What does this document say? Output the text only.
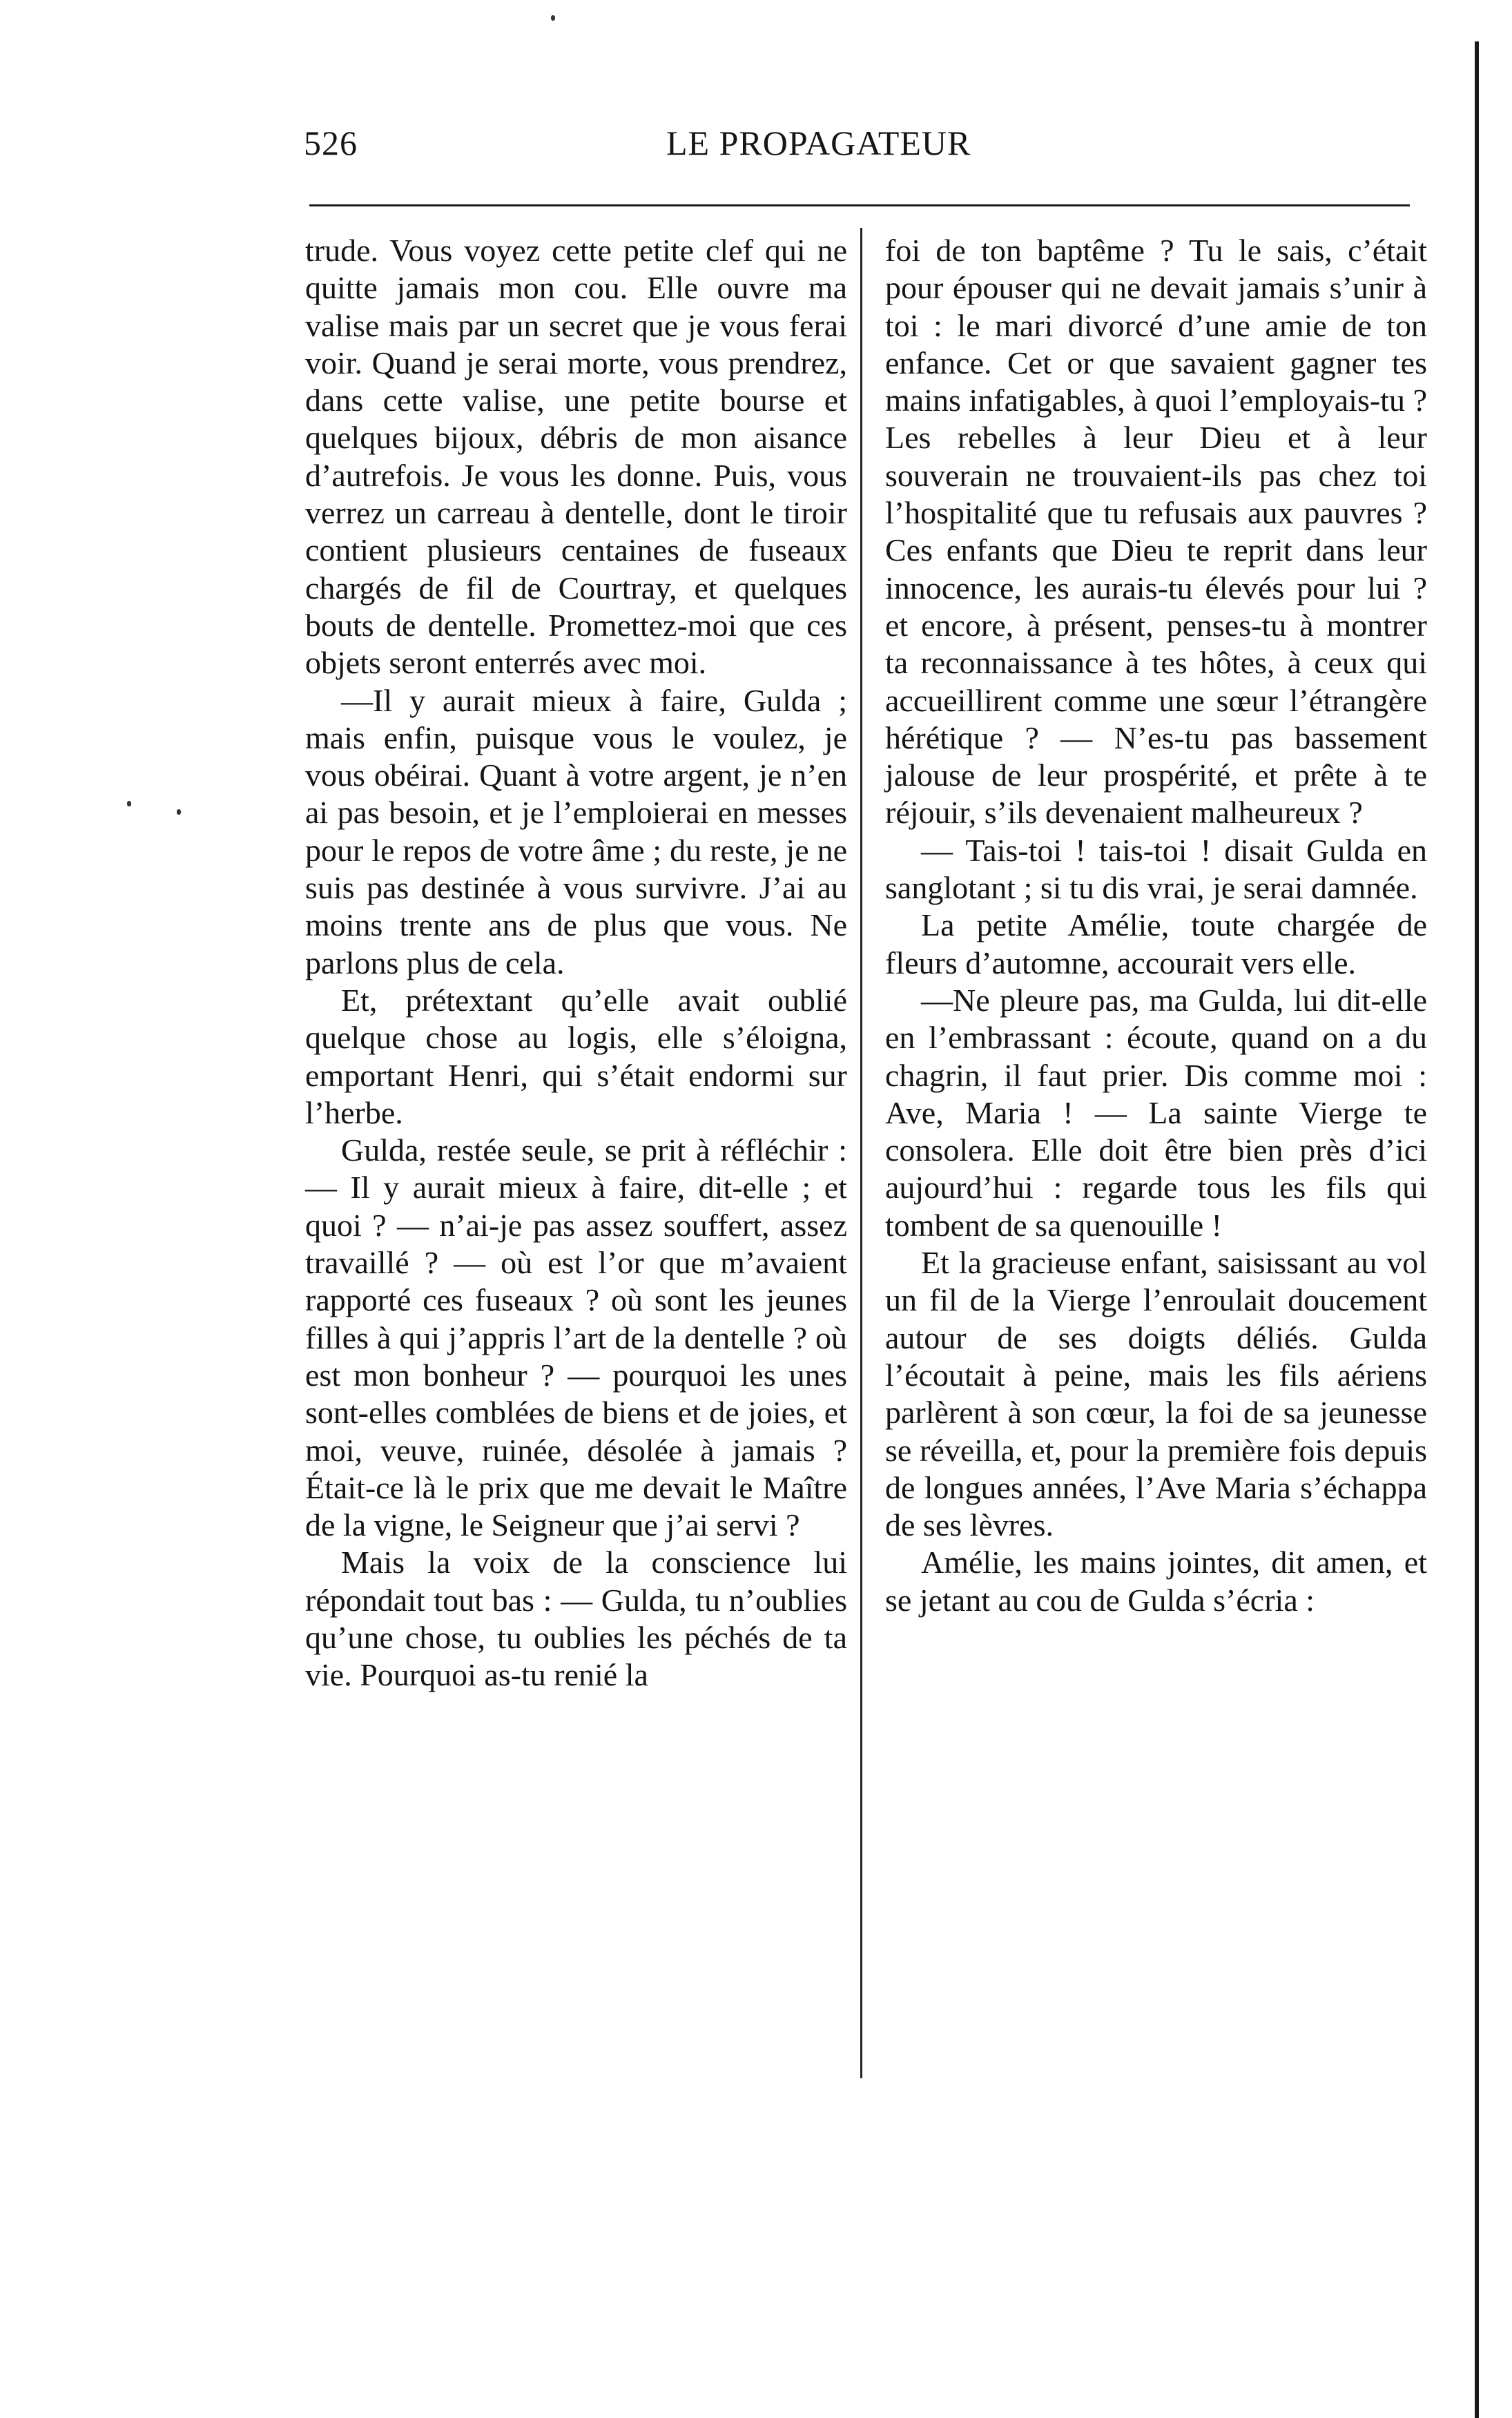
526	LE PROPAGATEUR

trude. Vous voyez cette petite clef qui ne quitte jamais mon cou. Elle ouvre ma valise mais par un secret que je vous ferai voir. Quand je serai morte, vous prendrez, dans cette valise, une petite bourse et quelques bijoux, débris de mon aisance d’autrefois. Je vous les donne. Puis, vous verrez un carreau à dentelle, dont le tiroir contient plusieurs centaines de fuseaux chargés de fil de Courtray, et quelques bouts de dentelle. Promettez-moi que ces objets seront enterrés avec moi.

—Il y aurait mieux à faire, Gulda ; mais enfin, puisque vous le voulez, je vous obéirai. Quant à votre argent, je n’en ai pas besoin, et je l’emploierai en messes pour le repos de votre âme ; du reste, je ne suis pas destinée à vous survivre. J’ai au moins trente ans de plus que vous. Ne parlons plus de cela.

Et, prétextant qu’elle avait oublié quelque chose au logis, elle s’éloigna, emportant Henri, qui s’était endormi sur l’herbe.

Gulda, restée seule, se prit à réfléchir : — Il y aurait mieux à faire, dit-elle ; et quoi ? — n’ai-je pas assez souffert, assez travaillé ? — où est l’or que m’avaient rapporté ces fuseaux ? où sont les jeunes filles à qui j’appris l’art de la dentelle ? où est mon bonheur ? — pourquoi les unes sont-elles comblées de biens et de joies, et moi, veuve, ruinée, désolée à jamais ? Était-ce là le prix que me devait le Maître de la vigne, le Seigneur que j’ai servi ?

Mais la voix de la conscience lui répondait tout bas : — Gulda, tu n’oublies qu’une chose, tu oublies les péchés de ta vie. Pourquoi as-tu renié la

foi de ton baptême ? Tu le sais, c’était pour épouser qui ne devait jamais s’unir à toi : le mari divorcé d’une amie de ton enfance. Cet or que savaient gagner tes mains infatigables, à quoi l’employais-tu ? Les rebelles à leur Dieu et à leur souverain ne trouvaient-ils pas chez toi l’hospitalité que tu refusais aux pauvres ? Ces enfants que Dieu te reprit dans leur innocence, les aurais-tu élevés pour lui ? et encore, à présent, penses-tu à montrer ta reconnaissance à tes hôtes, à ceux qui accueillirent comme une sœur l’étrangère hérétique ? — N’es-tu pas bassement jalouse de leur prospérité, et prête à te réjouir, s’ils devenaient malheureux ?

— Tais-toi ! tais-toi ! disait Gulda en sanglotant ; si tu dis vrai, je serai damnée.

La petite Amélie, toute chargée de fleurs d’automne, accourait vers elle.

—Ne pleure pas, ma Gulda, lui dit-elle en l’embrassant : écoute, quand on a du chagrin, il faut prier. Dis comme moi : Ave, Maria ! — La sainte Vierge te consolera. Elle doit être bien près d’ici aujourd’hui : regarde tous les fils qui tombent de sa quenouille !

Et la gracieuse enfant, saisissant au vol un fil de la Vierge l’enroulait doucement autour de ses doigts déliés. Gulda l’écoutait à peine, mais les fils aériens parlèrent à son cœur, la foi de sa jeunesse se réveilla, et, pour la première fois depuis de longues années, l’Ave Maria s’échappa de ses lèvres.

Amélie, les mains jointes, dit amen, et se jetant au cou de Gulda s’écria :
